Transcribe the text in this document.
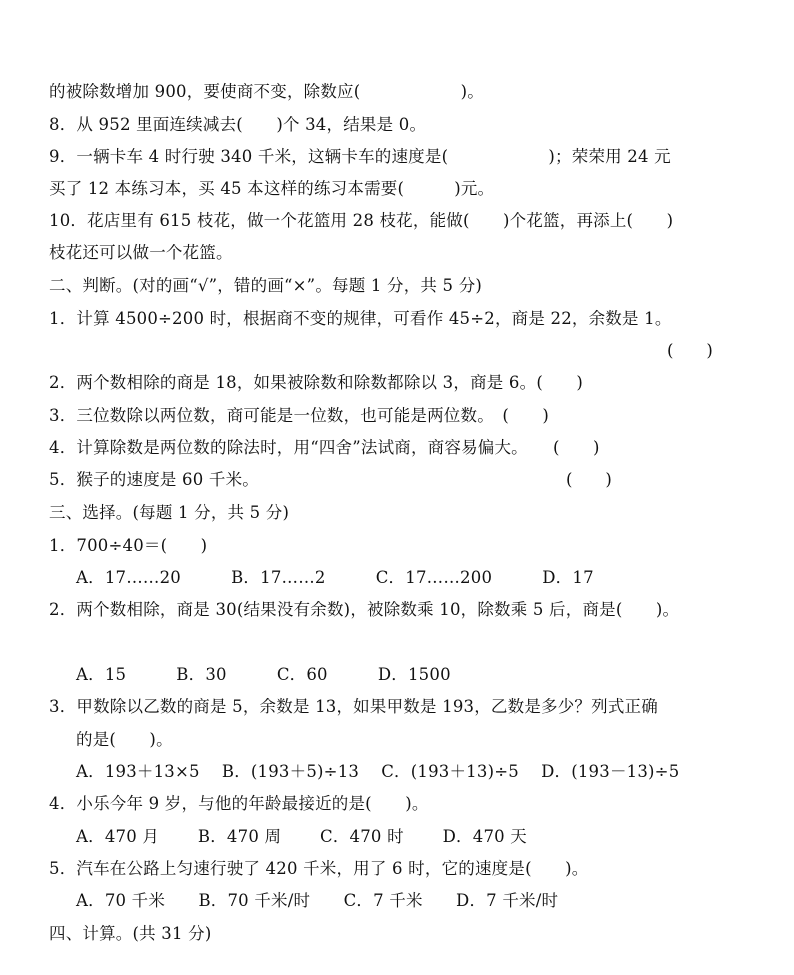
的被除数增加 900，要使商不变，除数应(　　　　　　)。
8．从 952 里面连续减去(　　)个 34，结果是 0。
9．一辆卡车 4 时行驶 340 千米，这辆卡车的速度是(　　　　　　)；荣荣用 24 元
买了 12 本练习本，买 45 本这样的练习本需要(　　　)元。
10．花店里有 615 枝花，做一个花篮用 28 枝花，能做(　　)个花篮，再添上(　　)
枝花还可以做一个花篮。
二、判断。(对的画“√”，错的画“×”。每题 1 分，共 5 分)
1．计算 4500÷200 时，根据商不变的规律，可看作 45÷2，商是 22，余数是 1。
(　　)
2．两个数相除的商是 18，如果被除数和除数都除以 3，商是 6。(　　)
3．三位数除以两位数，商可能是一位数，也可能是两位数。　(　　)
4．计算除数是两位数的除法时，用“四舍”法试商，商容易偏大。　　(　　)
5．猴子的速度是 60 千米。	(　　)
三、选择。(每题 1 分，共 5 分)
1．700÷40＝(　　)
A．17……20　　　B．17……2　　　C．17……200　　　D．17
2．两个数相除，商是 30(结果没有余数)，被除数乘 10，除数乘 5 后，商是(　　)。
A．15　　　B．30　　　C．60　　　D．1500
3．甲数除以乙数的商是 5，余数是 13，如果甲数是 193，乙数是多少？列式正确
的是(　　)。
A．193＋13×5　 B．(193＋5)÷13　 C．(193＋13)÷5　 D．(193－13)÷5
4．小乐今年 9 岁，与他的年龄最接近的是(　　)。
A．470 月　　 B．470 周　　 C．470 时　　 D．470 天
5．汽车在公路上匀速行驶了 420 千米，用了 6 时，它的速度是(　　)。
A．70 千米　　B．70 千米/时　　C．7 千米　　D．7 千米/时
四、计算。(共 31 分)
